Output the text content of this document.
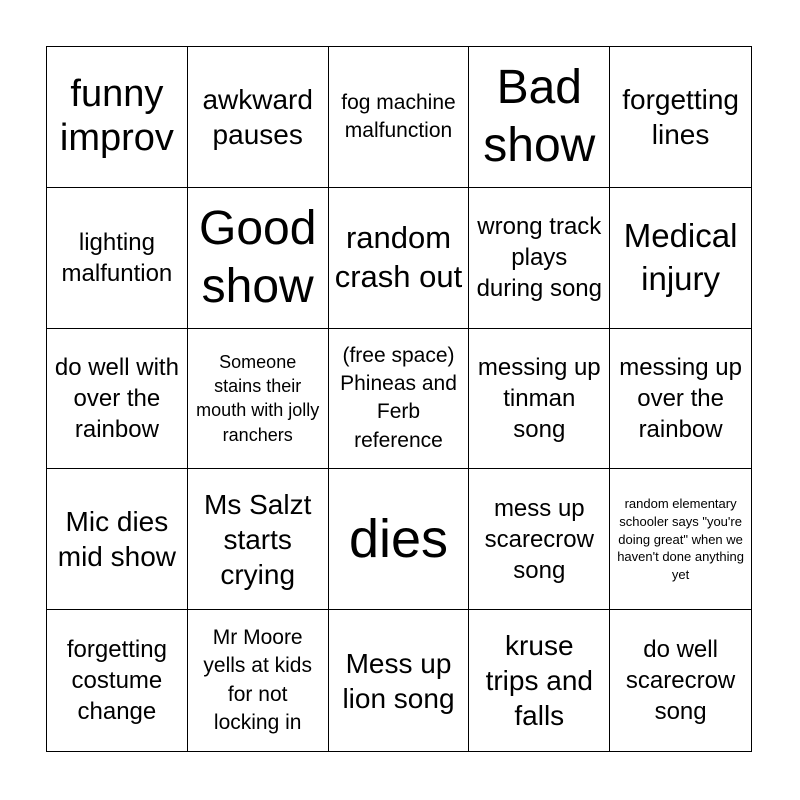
funny improv
awkward pauses
fog machine malfunction
Bad show
forgetting lines
lighting malfuntion
Good show
random crash out
wrong track plays during song
Medical injury
do well with over the rainbow
Someone stains their mouth with jolly ranchers
(free space) Phineas and Ferb reference
messing up tinman song
messing up over the rainbow
Mic dies mid show
Ms Salzt starts crying
dies
mess up scarecrow song
random elementary schooler says "you're doing great" when we haven't done anything yet
forgetting costume change
Mr Moore yells at kids for not locking in
Mess up lion song
kruse trips and falls
do well scarecrow song
